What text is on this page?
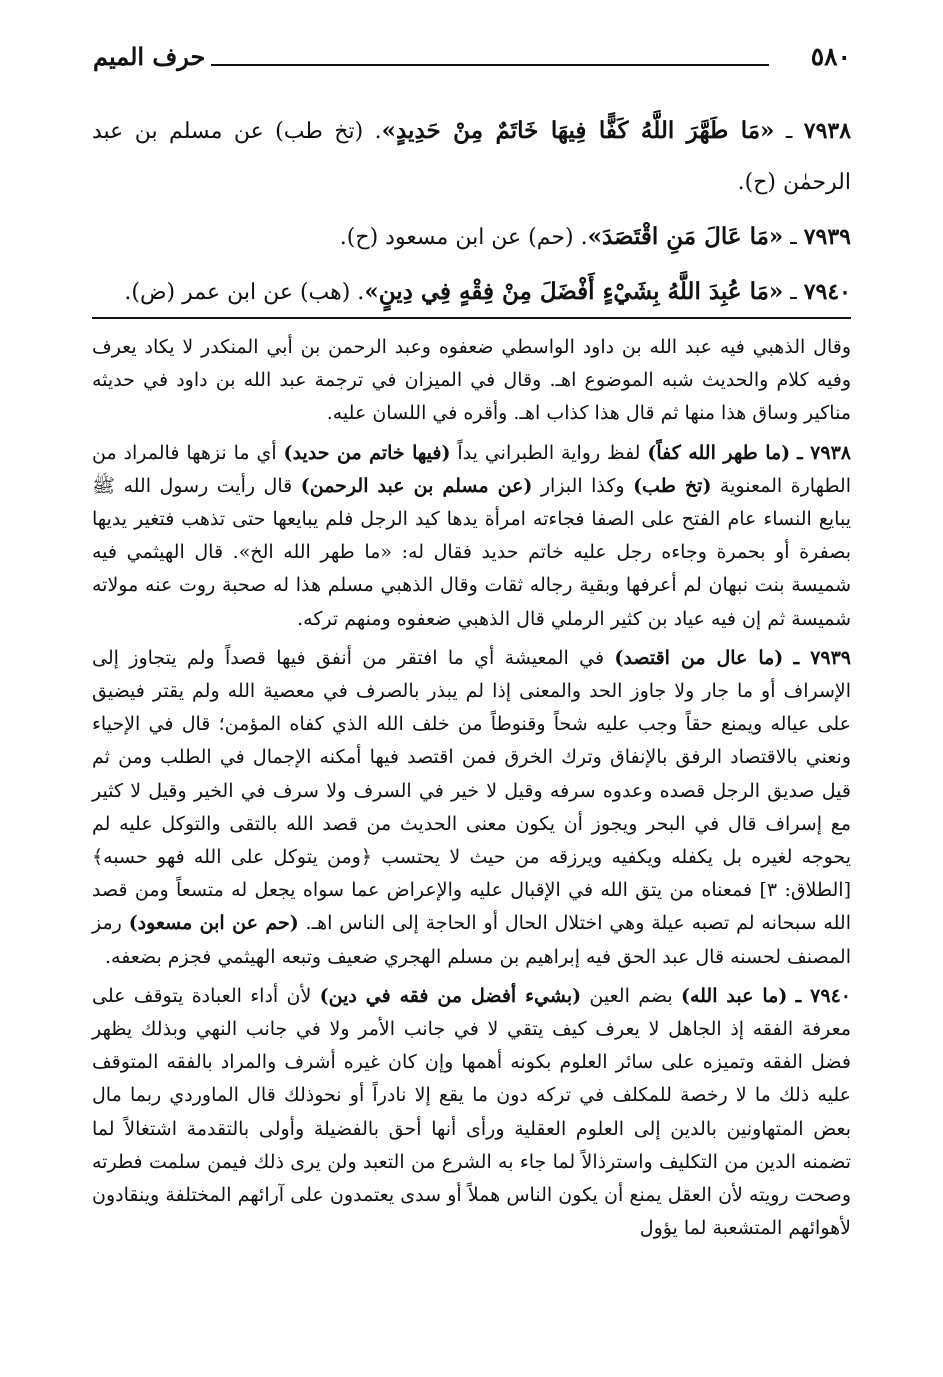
٥٨٠
حرف الميم

٧٩٣٨ ـ «مَا طَهَّرَ اللَّهُ كَفًّا فِيهَا خَاتَمٌ مِنْ حَدِيدٍ». (تخ طب) عن مسلم بن عبد الرحمٰن (ح).

٧٩٣٩ ـ «مَا عَالَ مَنِ اقْتَصَدَ». (حم) عن ابن مسعود (ح).

٧٩٤٠ ـ «مَا عُبِدَ اللَّهُ بِشَيْءٍ أَفْضَلَ مِنْ فِقْهٍ فِي دِينٍ». (هب) عن ابن عمر (ض).

وقال الذهبي فيه عبد الله بن داود الواسطي ضعفوه وعبد الرحمن بن أبي المنكدر لا يكاد يعرف وفيه كلام والحديث شبه الموضوع اهـ. وقال في الميزان في ترجمة عبد الله بن داود في حديثه مناكير وساق هذا منها ثم قال هذا كذاب اهـ. وأقره في اللسان عليه.

٧٩٣٨ ـ (ما طهر الله كفاً) لفظ رواية الطبراني يداً (فيها خاتم من حديد) أي ما نزهها فالمراد من الطهارة المعنوية (تخ طب) وكذا البزار (عن مسلم بن عبد الرحمن) قال رأيت رسول الله ﷺ يبايع النساء عام الفتح على الصفا فجاءته امرأة يدها كيد الرجل فلم يبايعها حتى تذهب فتغير يديها بصفرة أو بحمرة وجاءه رجل عليه خاتم حديد فقال له: «ما طهر الله الخ». قال الهيثمي فيه شميسة بنت نبهان لم أعرفها وبقية رجاله ثقات وقال الذهبي مسلم هذا له صحبة روت عنه مولاته شميسة ثم إن فيه عياد بن كثير الرملي قال الذهبي ضعفوه ومنهم تركه.

٧٩٣٩ ـ (ما عال من اقتصد) في المعيشة أي ما افتقر من أنفق فيها قصداً ولم يتجاوز إلى الإسراف أو ما جار ولا جاوز الحد والمعنى إذا لم يبذر بالصرف في معصية الله ولم يقتر فيضيق على عياله ويمنع حقاً وجب عليه شحاً وقنوطاً من خلف الله الذي كفاه المؤمن؛ قال في الإحياء ونعني بالاقتصاد الرفق بالإنفاق وترك الخرق فمن اقتصد فيها أمكنه الإجمال في الطلب ومن ثم قيل صديق الرجل قصده وعدوه سرفه وقيل لا خير في السرف ولا سرف في الخير وقيل لا كثير مع إسراف قال في البحر ويجوز أن يكون معنى الحديث من قصد الله بالتقى والتوكل عليه لم يحوجه لغيره بل يكفله ويكفيه ويرزقه من حيث لا يحتسب ﴿ومن يتوكل على الله فهو حسبه﴾ [الطلاق: ٣] فمعناه من يتق الله في الإقبال عليه والإعراض عما سواه يجعل له متسعاً ومن قصد الله سبحانه لم تصبه عيلة وهي اختلال الحال أو الحاجة إلى الناس اهـ. (حم عن ابن مسعود) رمز المصنف لحسنه قال عبد الحق فيه إبراهيم بن مسلم الهجري ضعيف وتبعه الهيثمي فجزم بضعفه.

٧٩٤٠ ـ (ما عبد الله) بضم العين (بشيء أفضل من فقه في دين) لأن أداء العبادة يتوقف على معرفة الفقه إذ الجاهل لا يعرف كيف يتقي لا في جانب الأمر ولا في جانب النهي وبذلك يظهر فضل الفقه وتميزه على سائر العلوم بكونه أهمها وإن كان غيره أشرف والمراد بالفقه المتوقف عليه ذلك ما لا رخصة للمكلف في تركه دون ما يقع إلا نادراً أو نحوذلك قال الماوردي ربما مال بعض المتهاونين بالدين إلى العلوم العقلية ورأى أنها أحق بالفضيلة وأولى بالتقدمة اشتغالاً لما تضمنه الدين من التكليف واسترذالاً لما جاء به الشرع من التعبد ولن يرى ذلك فيمن سلمت فطرته وصحت رويته لأن العقل يمنع أن يكون الناس هملاً أو سدى يعتمدون على آرائهم المختلفة وينقادون لأهوائهم المتشعبة لما يؤول
